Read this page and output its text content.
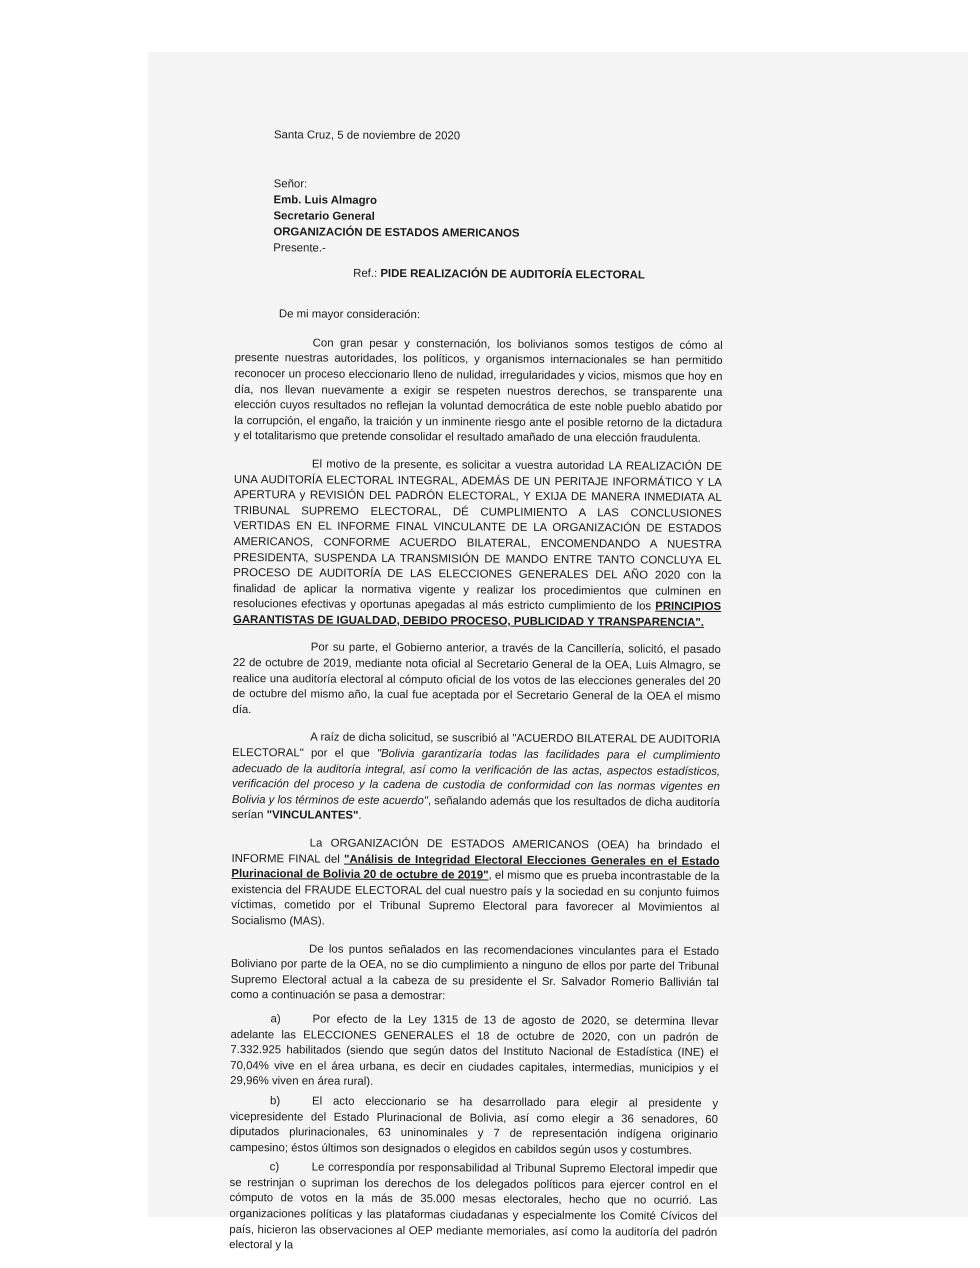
Santa Cruz, 5 de noviembre de 2020
Señor:
Emb. Luis Almagro
Secretario General
ORGANIZACIÓN DE ESTADOS AMERICANOS
Presente.-
Ref.: PIDE REALIZACIÓN DE AUDITORÍA ELECTORAL
De mi mayor consideración:

Con gran pesar y consternación, los bolivianos somos testigos de cómo al presente nuestras autoridades, los políticos, y organismos internacionales se han permitido reconocer un proceso eleccionario lleno de nulidad, irregularidades y vicios, mismos que hoy en día, nos llevan nuevamente a exigir se respeten nuestros derechos, se transparente una elección cuyos resultados no reflejan la voluntad democrática de este noble pueblo abatido por la corrupción, el engaño, la traición y un inminente riesgo ante el posible retorno de la dictadura y el totalitarismo que pretende consolidar el resultado amañado de una elección fraudulenta.

El motivo de la presente, es solicitar a vuestra autoridad LA REALIZACIÓN DE UNA AUDITORÍA ELECTORAL INTEGRAL, ADEMÁS DE UN PERITAJE INFORMÁTICO Y LA APERTURA y REVISIÓN DEL PADRÓN ELECTORAL, Y EXIJA DE MANERA INMEDIATA AL TRIBUNAL SUPREMO ELECTORAL, DÉ CUMPLIMIENTO A LAS CONCLUSIONES VERTIDAS EN EL INFORME FINAL VINCULANTE DE LA ORGANIZACIÓN DE ESTADOS AMERICANOS, CONFORME ACUERDO BILATERAL, ENCOMENDANDO A NUESTRA PRESIDENTA, SUSPENDA LA TRANSMISIÓN DE MANDO ENTRE TANTO CONCLUYA EL PROCESO DE AUDITORÍA DE LAS ELECCIONES GENERALES DEL AÑO 2020 con la finalidad de aplicar la normativa vigente y realizar los procedimientos que culminen en resoluciones efectivas y oportunas apegadas al más estricto cumplimiento de los PRINCIPIOS GARANTISTAS DE IGUALDAD, DEBIDO PROCESO, PUBLICIDAD Y TRANSPARENCIA".

Por su parte, el Gobierno anterior, a través de la Cancillería, solicitó, el pasado 22 de octubre de 2019, mediante nota oficial al Secretario General de la OEA, Luis Almagro, se realice una auditoría electoral al cómputo oficial de los votos de las elecciones generales del 20 de octubre del mismo año, la cual fue aceptada por el Secretario General de la OEA el mismo día.

A raíz de dicha solicitud, se suscribió al "ACUERDO BILATERAL DE AUDITORIA ELECTORAL" por el que "Bolivia garantizaría todas las facilidades para el cumplimiento adecuado de la auditoría integral, así como la verificación de las actas, aspectos estadísticos, verificación del proceso y la cadena de custodia de conformidad con las normas vigentes en Bolivia y los términos de este acuerdo", señalando además que los resultados de dicha auditoría serían "VINCULANTES".

La ORGANIZACIÓN DE ESTADOS AMERICANOS (OEA) ha brindado el INFORME FINAL del "Análisis de Integridad Electoral Elecciones Generales en el Estado Plurinacional de Bolivia 20 de octubre de 2019", el mismo que es prueba incontrastable de la existencia del FRAUDE ELECTORAL del cual nuestro país y la sociedad en su conjunto fuimos víctimas, cometido por el Tribunal Supremo Electoral para favorecer al Movimientos al Socialismo (MAS).

De los puntos señalados en las recomendaciones vinculantes para el Estado Boliviano por parte de la OEA, no se dio cumplimiento a ninguno de ellos por parte del Tribunal Supremo Electoral actual a la cabeza de su presidente el Sr. Salvador Romerio Ballivián tal como a continuación se pasa a demostrar:

a)	Por efecto de la Ley 1315 de 13 de agosto de 2020, se determina llevar adelante las ELECCIONES GENERALES el 18 de octubre de 2020, con un padrón de 7.332.925 habilitados (siendo que según datos del Instituto Nacional de Estadística (INE) el 70,04% vive en el área urbana, es decir en ciudades capitales, intermedias, municipios y el 29,96% viven en área rural).
b)	El acto eleccionario se ha desarrollado para elegir al presidente y vicepresidente del Estado Plurinacional de Bolivia, así como elegir a 36 senadores, 60 diputados plurinacionales, 63 uninominales y 7 de representación indígena originario campesino; éstos últimos son designados o elegidos en cabildos según usos y costumbres.
c)	Le correspondía por responsabilidad al Tribunal Supremo Electoral impedir que se restrinjan o supriman los derechos de los delegados políticos para ejercer control en el cómputo de votos en la más de 35.000 mesas electorales, hecho que no ocurrió. Las organizaciones políticas y las plataformas ciudadanas y especialmente los Comité Cívicos del país, hicieron las observaciones al OEP mediante memoriales, así como la auditoría del padrón electoral y la
